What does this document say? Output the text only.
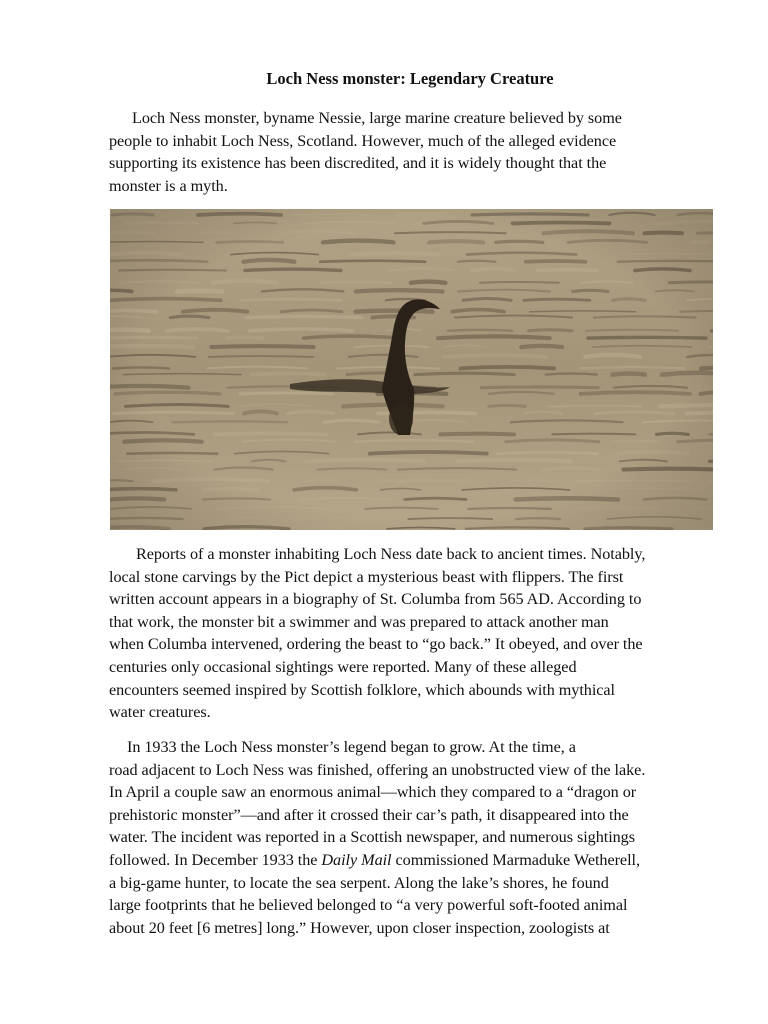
Loch Ness monster: Legendary Creature

Loch Ness monster, byname Nessie, large marine creature believed by some
people to inhabit Loch Ness, Scotland. However, much of the alleged evidence
supporting its existence has been discredited, and it is widely thought that the
monster is a myth.

Reports of a monster inhabiting Loch Ness date back to ancient times. Notably,
local stone carvings by the Pict depict a mysterious beast with flippers. The first
written account appears in a biography of St. Columba from 565 AD. According to
that work, the monster bit a swimmer and was prepared to attack another man
when Columba intervened, ordering the beast to “go back.” It obeyed, and over the
centuries only occasional sightings were reported. Many of these alleged
encounters seemed inspired by Scottish folklore, which abounds with mythical
water creatures.

In 1933 the Loch Ness monster’s legend began to grow. At the time, a
road adjacent to Loch Ness was finished, offering an unobstructed view of the lake.
In April a couple saw an enormous animal—which they compared to a “dragon or
prehistoric monster”—and after it crossed their car’s path, it disappeared into the
water. The incident was reported in a Scottish newspaper, and numerous sightings
followed. In December 1933 the Daily Mail commissioned Marmaduke Wetherell,
a big-game hunter, to locate the sea serpent. Along the lake’s shores, he found
large footprints that he believed belonged to “a very powerful soft-footed animal
about 20 feet [6 metres] long.” However, upon closer inspection, zoologists at
